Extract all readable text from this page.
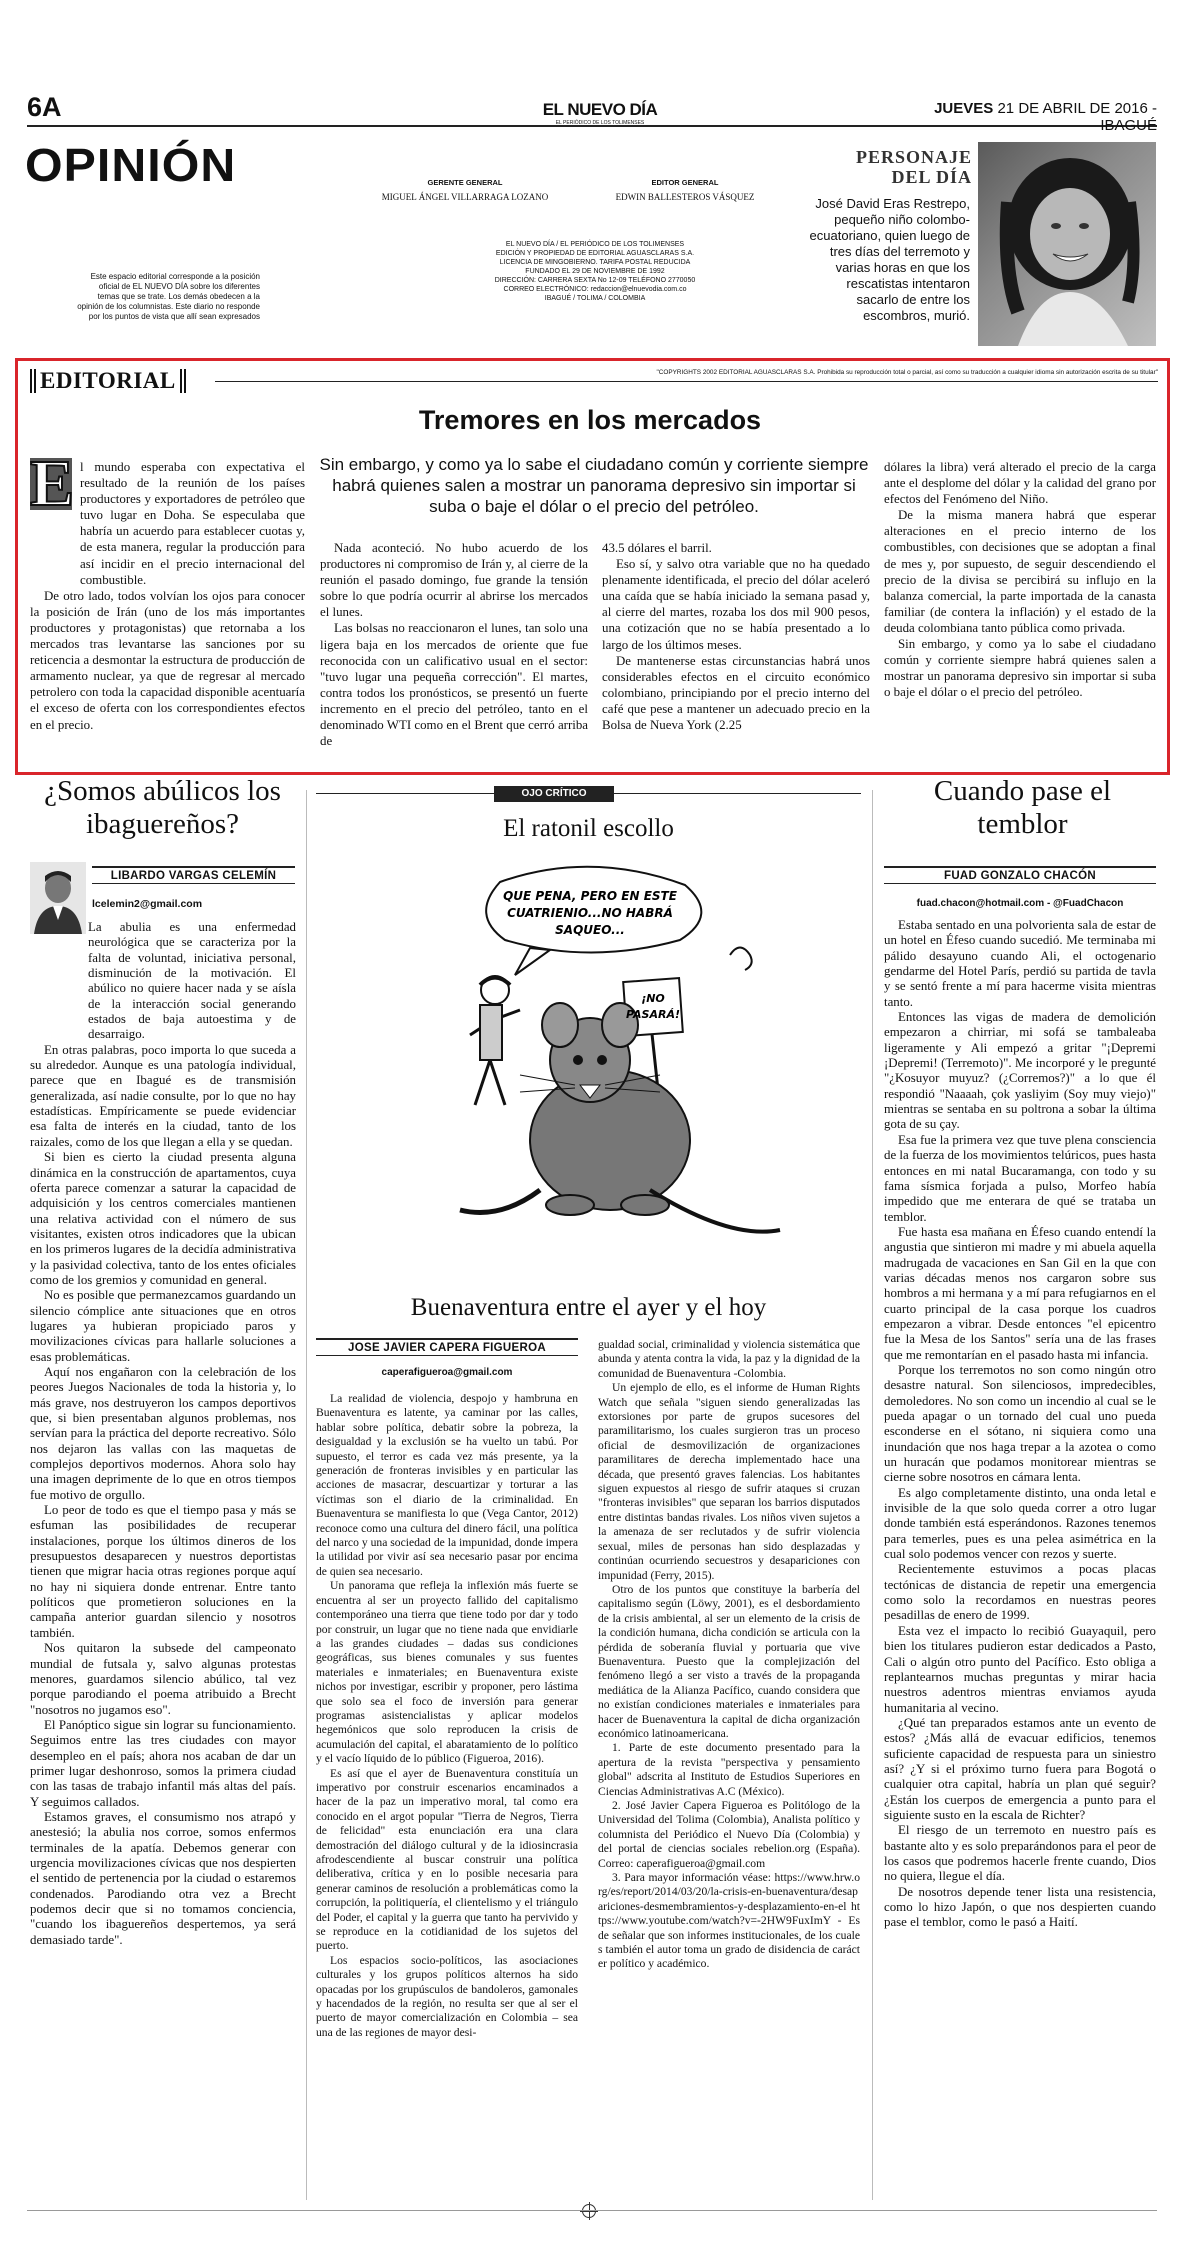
6A
OPINIÓN
EL NUEVO DÍA
EL PERIÓDICO DE LOS TOLIMENSES
JUEVES 21 DE ABRIL DE 2016 - IBAGUÉ
GERENTE GENERAL
MIGUEL ÁNGEL VILLARRAGA LOZANO
EDITOR GENERAL
EDWIN BALLESTEROS VÁSQUEZ
EL NUEVO DÍA / EL PERIÓDICO DE LOS TOLIMENSES
EDICIÓN Y PROPIEDAD DE EDITORIAL AGUASCLARAS S.A.
LICENCIA DE MINGOBIERNO. TARIFA POSTAL REDUCIDA
FUNDADO EL 29 DE NOVIEMBRE DE 1992
DIRECCIÓN: CARRERA SEXTA No 12-09 TELÉFONO 2770050
CORREO ELECTRÓNICO: redaccion@elnuevodia.com.co
IBAGUÉ / TOLIMA / COLOMBIA
Este espacio editorial corresponde a la posición oficial de EL NUEVO DÍA sobre los diferentes temas que se trate. Los demás obedecen a la opinión de los columnistas. Este diario no responde por los puntos de vista que allí sean expresados
PERSONAJE
DEL DÍA
José David Eras Restrepo, pequeño niño colombo-ecuatoriano, quien luego de tres días del terremoto y varias horas en que los rescatistas intentaron sacarlo de entre los escombros, murió.
EDITORIAL	"COPYRIGHTS 2002 EDITORIAL AGUASCLARAS S.A. Prohibida su reproducción total o parcial, así como su traducción a cualquier idioma sin autorización escrita de su titular"
Tremores en los mercados
Sin embargo, y como ya lo sabe el ciudadano común y corriente siempre habrá quienes salen a mostrar un panorama depresivo sin importar si suba o baje el dólar o el precio del petróleo.
E l mundo esperaba con expectativa el resultado de la reunión de los países productores y exportadores de petróleo que tuvo lugar en Doha. Se especulaba que habría un acuerdo para establecer cuotas y, de esta manera, regular la producción para así incidir en el precio internacional del combustible.

De otro lado, todos volvían los ojos para conocer la posición de Irán (uno de los más importantes productores y protagonistas) que retornaba a los mercados tras levantarse las sanciones por su reticencia a desmontar la estructura de producción de armamento nuclear, ya que de regresar al mercado petrolero con toda la capacidad disponible acentuaría el exceso de oferta con los correspondientes efectos en el precio.

Nada aconteció. No hubo acuerdo de los productores ni compromiso de Irán y, al cierre de la reunión el pasado domingo, fue grande la tensión sobre lo que podría ocurrir al abrirse los mercados el lunes.

Las bolsas no reaccionaron el lunes, tan solo una ligera baja en los mercados de oriente que fue reconocida con un calificativo usual en el sector: "tuvo lugar una pequeña corrección". El martes, contra todos los pronósticos, se presentó un fuerte incremento en el precio del petróleo, tanto en el denominado WTI como en el Brent que cerró arriba de

43.5 dólares el barril.

Eso sí, y salvo otra variable que no ha quedado plenamente identificada, el precio del dólar aceleró una caída que se había iniciado la semana pasad y, al cierre del martes, rozaba los dos mil 900 pesos, una cotización que no se había presentado a lo largo de los últimos meses.

De mantenerse estas circunstancias habrá unos considerables efectos en el circuito económico colombiano, principiando por el precio interno del café que pese a mantener un adecuado precio en la Bolsa de Nueva York (2.25

dólares la libra) verá alterado el precio de la carga ante el desplome del dólar y la calidad del grano por efectos del Fenómeno del Niño.

De la misma manera habrá que esperar alteraciones en el precio interno de los combustibles, con decisiones que se adoptan a final de mes y, por supuesto, de seguir descendiendo el precio de la divisa se percibirá su influjo en la balanza comercial, la parte importada de la canasta familiar (de contera la inflación) y el estado de la deuda colombiana tanto pública como privada.

Sin embargo, y como ya lo sabe el ciudadano común y corriente siempre habrá quienes salen a mostrar un panorama depresivo sin importar si suba o baje el dólar o el precio del petróleo.

¿Somos abúlicos los ibaguereños?
LIBARDO VARGAS CELEMÍN
lcelemin2@gmail.com

La abulia es una enfermedad neurológica que se caracteriza por la falta de voluntad, iniciativa personal, disminución de la motivación. El abúlico no quiere hacer nada y se aísla de la interacción social generando estados de baja autoestima y de desarraigo.

En otras palabras, poco importa lo que suceda a su alrededor. Aunque es una patología individual, parece que en Ibagué es de transmisión generalizada, así nadie consulte, por lo que no hay estadísticas. Empíricamente se puede evidenciar esa falta de interés en la ciudad, tanto de los raizales, como de los que llegan a ella y se quedan.

Si bien es cierto la ciudad presenta alguna dinámica en la construcción de apartamentos, cuya oferta parece comenzar a saturar la capacidad de adquisición y los centros comerciales mantienen una relativa actividad con el número de sus visitantes, existen otros indicadores que la ubican en los primeros lugares de la decidía administrativa y la pasividad colectiva, tanto de los entes oficiales como de los gremios y comunidad en general.

No es posible que permanezcamos guardando un silencio cómplice ante situaciones que en otros lugares ya hubieran propiciado paros y movilizaciones cívicas para hallarle soluciones a esas problemáticas.

Aquí nos engañaron con la celebración de los peores Juegos Nacionales de toda la historia y, lo más grave, nos destruyeron los campos deportivos que, si bien presentaban algunos problemas, nos servían para la práctica del deporte recreativo. Sólo nos dejaron las vallas con las maquetas de complejos deportivos modernos. Ahora solo hay una imagen deprimente de lo que en otros tiempos fue motivo de orgullo.

Lo peor de todo es que el tiempo pasa y más se esfuman las posibilidades de recuperar instalaciones, porque los últimos dineros de los presupuestos desaparecen y nuestros deportistas tienen que migrar hacia otras regiones porque aquí no hay ni siquiera donde entrenar. Entre tanto políticos que prometieron soluciones en la campaña anterior guardan silencio y nosotros también.

Nos quitaron la subsede del campeonato mundial de futsala y, salvo algunas protestas menores, guardamos silencio abúlico, tal vez porque parodiando el poema atribuido a Brecht "nosotros no jugamos eso".

El Panóptico sigue sin lograr su funcionamiento. Seguimos entre las tres ciudades con mayor desempleo en el país; ahora nos acaban de dar un primer lugar deshonroso, somos la primera ciudad con las tasas de trabajo infantil más altas del país. Y seguimos callados.

Estamos graves, el consumismo nos atrapó y anestesió; la abulia nos corroe, somos enfermos terminales de la apatía. Debemos generar con urgencia movilizaciones cívicas que nos despierten el sentido de pertenencia por la ciudad o estaremos condenados. Parodiando otra vez a Brecht podemos decir que si no tomamos conciencia, "cuando los ibaguereños despertemos, ya será demasiado tarde".

OJO CRÍTICO
El ratonil escollo
QUE PENA, PERO EN ESTE
CUATRIENIO...NO HABRÁ
SAQUEO...
¡NO
PASARÁ!
Buenaventura entre el ayer y el hoy
JOSE JAVIER CAPERA FIGUEROA
caperafigueroa@gmail.com

La realidad de violencia, despojo y hambruna en Buenaventura es latente, ya caminar por las calles, hablar sobre política, debatir sobre la pobreza, la desigualdad y la exclusión se ha vuelto un tabú. Por supuesto, el terror es cada vez más presente, ya la generación de fronteras invisibles y en particular las acciones de masacrar, descuartizar y torturar a las víctimas son el diario de la criminalidad. En Buenaventura se manifiesta lo que (Vega Cantor, 2012) reconoce como una cultura del dinero fácil, una política del narco y una sociedad de la impunidad, donde impera la utilidad por vivir así sea necesario pasar por encima de quien sea necesario.

Un panorama que refleja la inflexión más fuerte se encuentra al ser un proyecto fallido del capitalismo contemporáneo una tierra que tiene todo por dar y todo por construir, un lugar que no tiene nada que envidiarle a las grandes ciudades – dadas sus condiciones geográficas, sus bienes comunales y sus fuentes materiales e inmateriales; en Buenaventura existe nichos por investigar, escribir y proponer, pero lástima que solo sea el foco de inversión para generar programas asistencialistas y aplicar modelos hegemónicos que solo reproducen la crisis de acumulación del capital, el abaratamiento de lo político y el vacío líquido de lo público (Figueroa, 2016).

Es así que el ayer de Buenaventura constituía un imperativo por construir escenarios encaminados a hacer de la paz un imperativo moral, tal como era conocido en el argot popular "Tierra de Negros, Tierra de felicidad" esta enunciación era una clara demostración del diálogo cultural y de la idiosincrasia afrodescendiente al buscar construir una política deliberativa, crítica y en lo posible necesaria para generar caminos de resolución a problemáticas como la corrupción, la politiquería, el clientelismo y el triángulo del Poder, el capital y la guerra que tanto ha pervivido y se reproduce en la cotidianidad de los sujetos del puerto.

Los espacios socio-políticos, las asociaciones culturales y los grupos políticos alternos ha sido opacadas por los grupúsculos de bandoleros, gamonales y hacendados de la región, no resulta ser que al ser el puerto de mayor comercialización en Colombia – sea una de las regiones de mayor desi-

gualdad social, criminalidad y violencia sistemática que abunda y atenta contra la vida, la paz y la dignidad de la comunidad de Buenaventura -Colombia.

Un ejemplo de ello, es el informe de Human Rights Watch que señala "siguen siendo generalizadas las extorsiones por parte de grupos sucesores del paramilitarismo, los cuales surgieron tras un proceso oficial de desmovilización de organizaciones paramilitares de derecha implementado hace una década, que presentó graves falencias. Los habitantes siguen expuestos al riesgo de sufrir ataques si cruzan "fronteras invisibles" que separan los barrios disputados entre distintas bandas rivales. Los niños viven sujetos a la amenaza de ser reclutados y de sufrir violencia sexual, miles de personas han sido desplazadas y continúan ocurriendo secuestros y desapariciones con impunidad (Ferry, 2015).

Otro de los puntos que constituye la barbería del capitalismo según (Löwy, 2001), es el desbordamiento de la crisis ambiental, al ser un elemento de la crisis de la condición humana, dicha condición se articula con la pérdida de soberanía fluvial y portuaria que vive Buenaventura. Puesto que la complejización del fenómeno llegó a ser visto a través de la propaganda mediática de la Alianza Pacífico, cuando considera que no existían condiciones materiales e inmateriales para hacer de Buenaventura la capital de dicha organización económico latinoamericana.

1. Parte de este documento presentado para la apertura de la revista "perspectiva y pensamiento global" adscrita al Instituto de Estudios Superiores en Ciencias Administrativas A.C (México).

2. José Javier Capera Figueroa es Politólogo de la Universidad del Tolima (Colombia), Analista político y columnista del Periódico el Nuevo Día (Colombia) y del portal de ciencias sociales rebelion.org (España). Correo: caperafigueroa@gmail.com

3. Para mayor información véase: https://www.hrw.org/es/report/2014/03/20/la-crisis-en-buenaventura/desapariciones-desmembramientos-y-desplazamiento-en-el https://www.youtube.com/watch?v=-2HW9FuxImY - Es de señalar que son informes institucionales, de los cuales también el autor toma un grado de disidencia de carácter político y académico.

Cuando pase el temblor
FUAD GONZALO CHACÓN
fuad.chacon@hotmail.com - @FuadChacon

Estaba sentado en una polvorienta sala de estar de un hotel en Éfeso cuando sucedió. Me terminaba mi pálido desayuno cuando Ali, el octogenario gendarme del Hotel París, perdió su partida de tavla y se sentó frente a mí para hacerme visita mientras tanto.

Entonces las vigas de madera de demolición empezaron a chirriar, mi sofá se tambaleaba ligeramente y Ali empezó a gritar "¡Depremi ¡Depremi! (Terremoto)". Me incorporé y le pregunté "¿Kosuyor muyuz? (¿Corremos?)" a lo que él respondió "Naaaah, çok yasliyim (Soy muy viejo)" mientras se sentaba en su poltrona a sobar la última gota de su çay.

Esa fue la primera vez que tuve plena consciencia de la fuerza de los movimientos telúricos, pues hasta entonces en mi natal Bucaramanga, con todo y su fama sísmica forjada a pulso, Morfeo había impedido que me enterara de qué se trataba un temblor.

Fue hasta esa mañana en Éfeso cuando entendí la angustia que sintieron mi madre y mi abuela aquella madrugada de vacaciones en San Gil en la que con varias décadas menos nos cargaron sobre sus hombros a mi hermana y a mí para refugiarnos en el cuarto principal de la casa porque los cuadros empezaron a vibrar. Desde entonces "el epicentro fue la Mesa de los Santos" sería una de las frases que me remontarían en el pasado hasta mi infancia.

Porque los terremotos no son como ningún otro desastre natural. Son silenciosos, impredecibles, demoledores. No son como un incendio al cual se le pueda apagar o un tornado del cual uno pueda esconderse en el sótano, ni siquiera como una inundación que nos haga trepar a la azotea o como un huracán que podamos monitorear mientras se cierne sobre nosotros en cámara lenta.

Es algo completamente distinto, una onda letal e invisible de la que solo queda correr a otro lugar donde también está esperándonos. Razones tenemos para temerles, pues es una pelea asimétrica en la cual solo podemos vencer con rezos y suerte.

Recientemente estuvimos a pocas placas tectónicas de distancia de repetir una emergencia como solo la recordamos en nuestras peores pesadillas de enero de 1999.

Esta vez el impacto lo recibió Guayaquil, pero bien los titulares pudieron estar dedicados a Pasto, Cali o algún otro punto del Pacífico. Esto obliga a replantearnos muchas preguntas y mirar hacia nuestros adentros mientras enviamos ayuda humanitaria al vecino.

¿Qué tan preparados estamos ante un evento de estos? ¿Más allá de evacuar edificios, tenemos suficiente capacidad de respuesta para un siniestro así? ¿Y si el próximo turno fuera para Bogotá o cualquier otra capital, habría un plan qué seguir? ¿Están los cuerpos de emergencia a punto para el siguiente susto en la escala de Richter?

El riesgo de un terremoto en nuestro país es bastante alto y es solo preparándonos para el peor de los casos que podremos hacerle frente cuando, Dios no quiera, llegue el día.

De nosotros depende tener lista una resistencia, como lo hizo Japón, o que nos despierten cuando pase el temblor, como le pasó a Haití.
